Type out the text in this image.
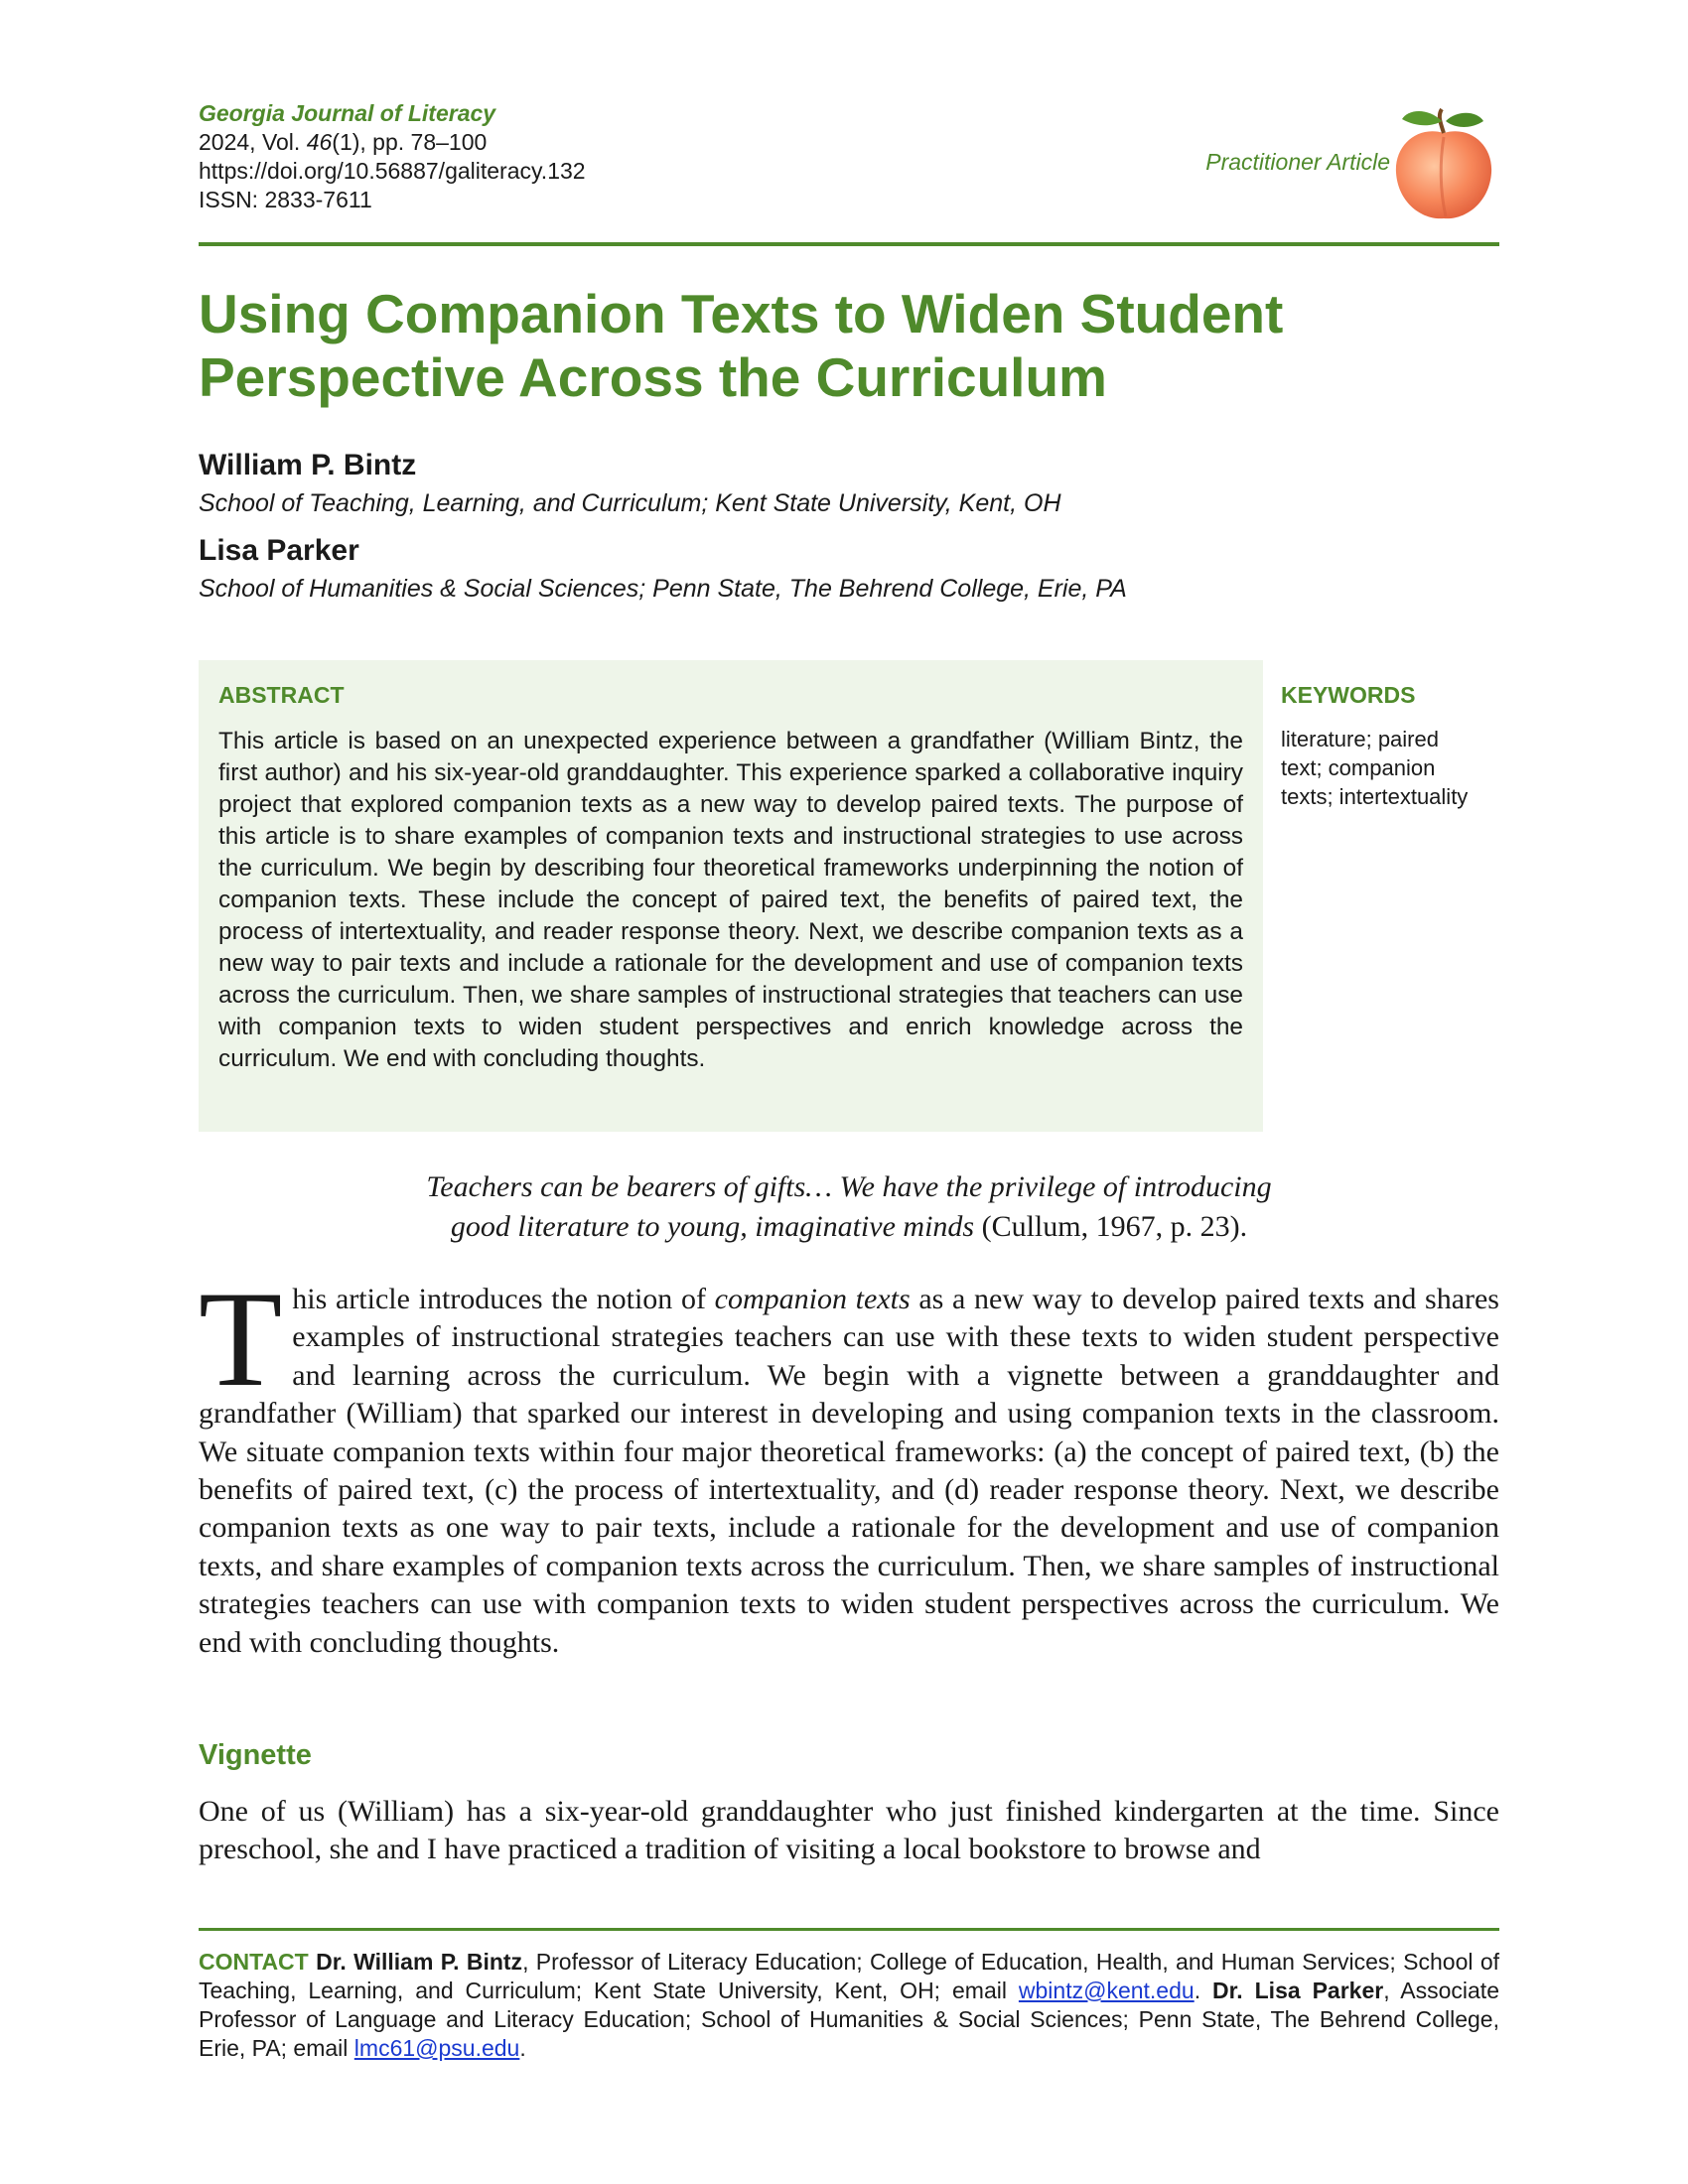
Georgia Journal of Literacy
2024, Vol. 46(1), pp. 78–100
https://doi.org/10.56887/galiteracy.132
ISSN: 2833-7611
Practitioner Article
Using Companion Texts to Widen Student
Perspective Across the Curriculum
William P. Bintz
School of Teaching, Learning, and Curriculum; Kent State University, Kent, OH
Lisa Parker
School of Humanities & Social Sciences; Penn State, The Behrend College, Erie, PA
ABSTRACT

This article is based on an unexpected experience between a grandfather (William Bintz, the first author) and his six-year-old granddaughter. This experience sparked a collaborative inquiry project that explored companion texts as a new way to develop paired texts. The purpose of this article is to share examples of companion texts and instructional strategies to use across the curriculum. We begin by describing four theoretical frameworks underpinning the notion of companion texts. These include the concept of paired text, the benefits of paired text, the process of intertextuality, and reader response theory. Next, we describe companion texts as a new way to pair texts and include a rationale for the development and use of companion texts across the curriculum. Then, we share samples of instructional strategies that teachers can use with companion texts to widen student perspectives and enrich knowledge across the curriculum. We end with concluding thoughts.

KEYWORDS

literature; paired text; companion texts; intertextuality

Teachers can be bearers of gifts… We have the privilege of introducing
good literature to young, imaginative minds (Cullum, 1967, p. 23).

This article introduces the notion of companion texts as a new way to develop paired texts and shares examples of instructional strategies teachers can use with these texts to widen student perspective and learning across the curriculum. We begin with a vignette between a granddaughter and grandfather (William) that sparked our interest in developing and using companion texts in the classroom. We situate companion texts within four major theoretical frameworks: (a) the concept of paired text, (b) the benefits of paired text, (c) the process of intertextuality, and (d) reader response theory. Next, we describe companion texts as one way to pair texts, include a rationale for the development and use of companion texts, and share examples of companion texts across the curriculum. Then, we share samples of instructional strategies teachers can use with companion texts to widen student perspectives across the curriculum. We end with concluding thoughts.

Vignette

One of us (William) has a six-year-old granddaughter who just finished kindergarten at the time. Since preschool, she and I have practiced a tradition of visiting a local bookstore to browse and

CONTACT Dr. William P. Bintz, Professor of Literacy Education; College of Education, Health, and Human Services; School of Teaching, Learning, and Curriculum; Kent State University, Kent, OH; email wbintz@kent.edu. Dr. Lisa Parker, Associate Professor of Language and Literacy Education; School of Humanities & Social Sciences; Penn State, The Behrend College, Erie, PA; email lmc61@psu.edu.
